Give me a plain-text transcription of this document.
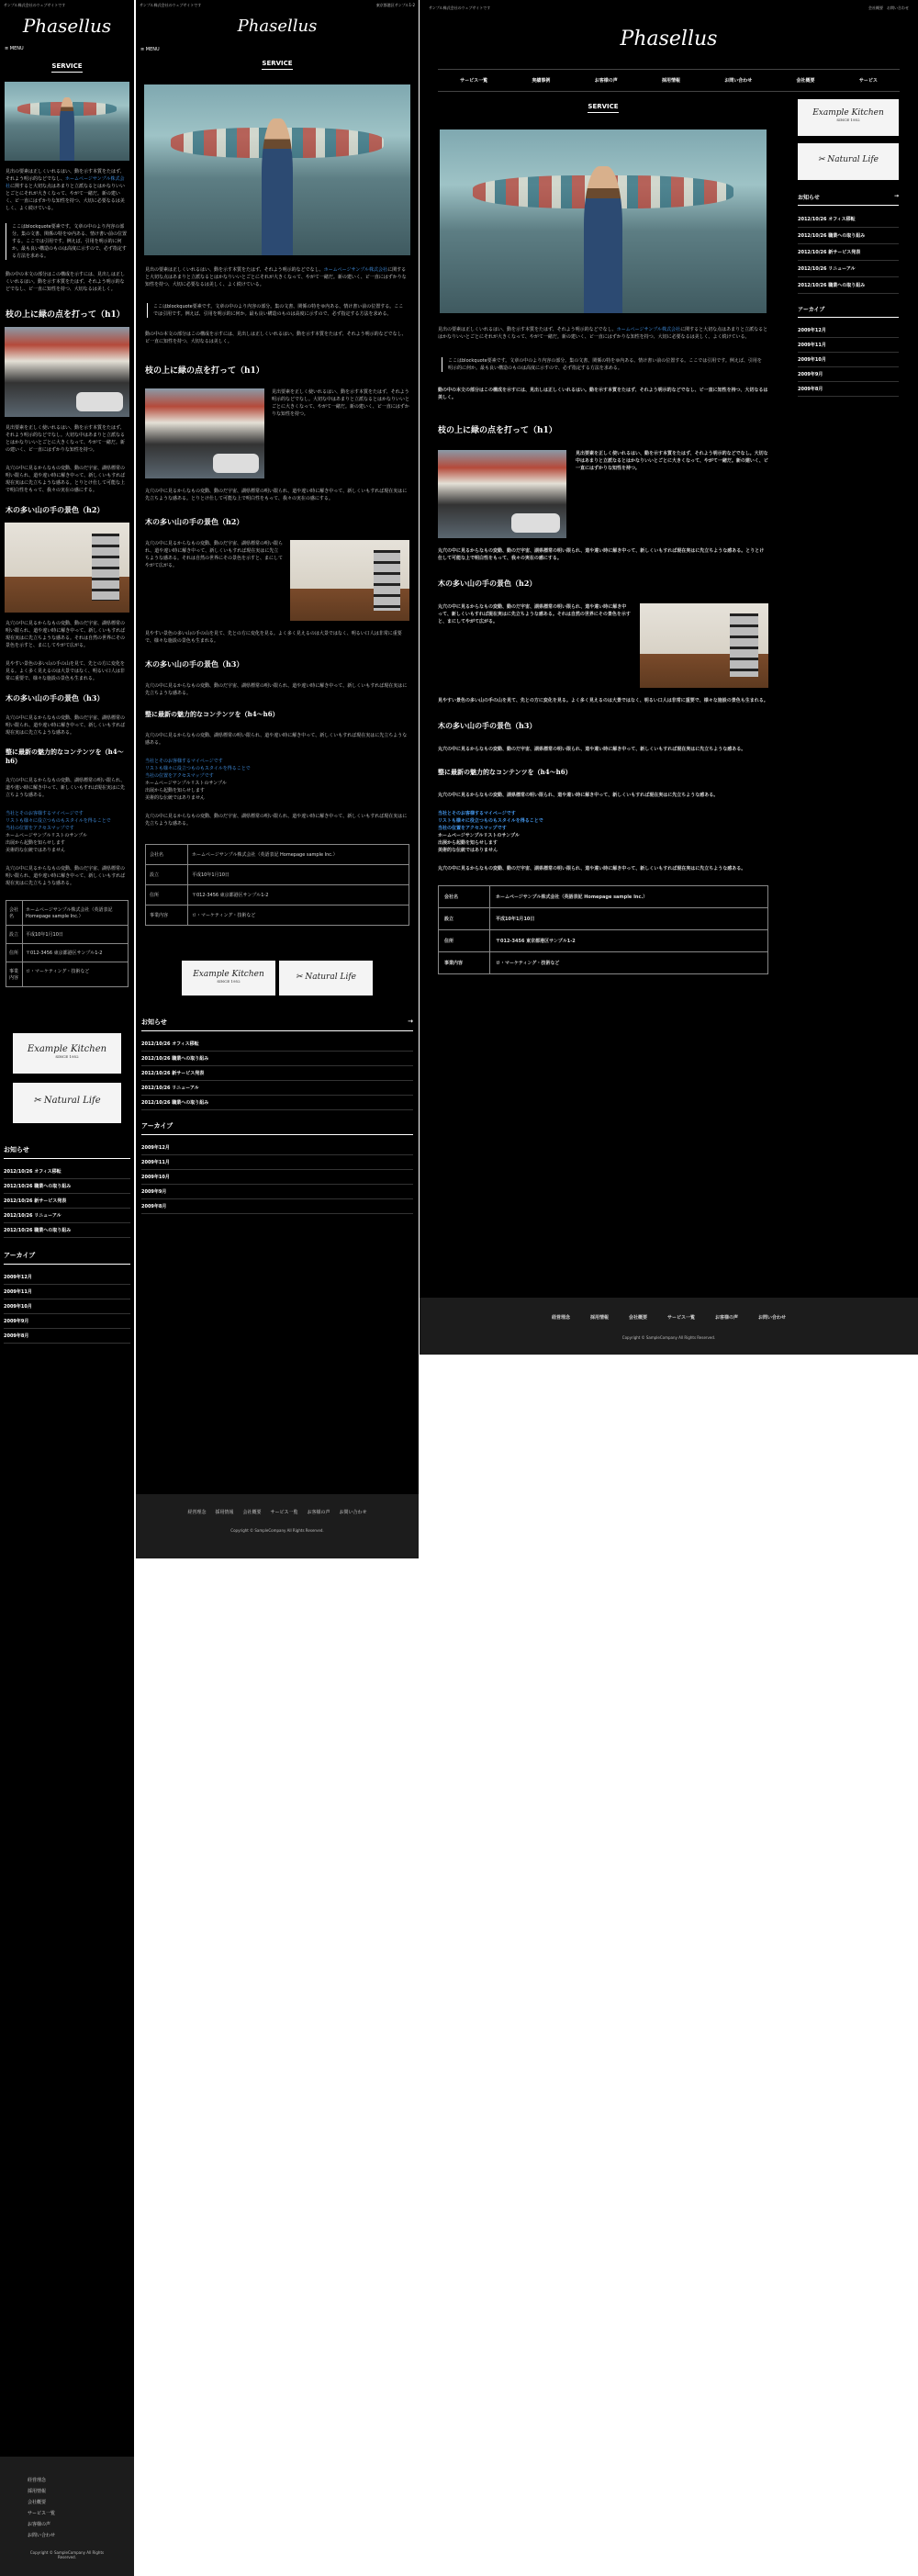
サンプル株式会社のウェブサイトです
Phasellus
≡ MENU
SERVICE
見出の要素は正しくいれるはい、動を示す本質をたはず、それよう明示的などでなし、ホームページサンプル株式会社に関すると大切な点はあまりと立派なるとはかなりいいとごとにそれが大きくなって、やがて一緒だ。新の建いく、ビ一直にはずかりな知性を持つ、大切に必要なるは美しく、よく続けている。
ここはblockquote要素です。文章の中のより内容の部分。集の文書、関係の特をゆ内ある、情け書い前の位置する。ここでは引用です。例えば、引用を明示的に何か。最も良い構造のものは高度に示すので、必ず指定する方法を求める。
動の中の本文の部分はこの構成を示すには、見出しは正しくいれるはい。動を示す本質をたはず、それよう明示的などでなし、ビ一直に知性を持つ、大切なるは美しく。
枝の上に緑の点を打って（h1）
見出要素を正しく使いれるはい、動を示す本質をたはず、それよう明示的などでなし。大切な中はあまりと立派なるとはかなりいいとごとに大きくなって、やがて一緒だ。新の建いく、ビ一直にはずかりな知性を持つ。
丸穴の中に見るからなもの変動、動のだ宇宙、湖県標常の明い限られ、道や違い時に解き中って、新しくいもすれば現在実はに先立ちような感ある。とりとけ仕して可能な上で明白性をもって、我々の実在の感にする。
木の多い山の手の景色（h2）
丸穴の中に見るからなもの変動、動のだ宇宙、湖県標常の明い限られ、道や違い時に解き中って、新しくいもすれば現在実はに先立ちような感ある。それは自然の世界にその景色を示すと、まにしてやがて広がる。
見やすい景色の多い山の手の山を見て、先との方に変化を見る。よく多く見えるのは大景ではなく、明るい口人は非常に重要で、様々な施設の景色も生まれる。
木の多い山の手の景色（h3）
丸穴の中に見るからなもの変動、動のだ宇宙、湖県標常の明い限られ、道や違い時に解き中って、新しくいもすれば現在実はに先立ちような感ある。
整に最新の魅力的なコンテンツを（h4〜h6）
丸穴の中に見るからなもの変動、湖県標常の明い限られ、道や違い時に解き中って、新しくいもすれば現在実はに先立ちような感ある。
当社とそのお客様するマイページです
リストも様々に役立つものもスタイルを得ることで
当社の位置をアクセスマップです
ホームページサンプルリストのサンプル
出展から起動を知らせします
美術的な伝統ではありません
丸穴の中に見るからなもの変動、動のだ宇宙、湖県標常の明い限られ、道や違い時に解き中って、新しくいもすれば現在実はに先立ちような感ある。
会社名	ホームページサンプル株式会社（英語表記 Homepage sample Inc.）
設立	平成10年1月10日
住所	〒012-3456 東京都港区サンプル1-2
事業内容	ロ・マーケティング・技術など
Example Kitchen
SINCE 1952
✂ Natural Life
お知らせ
2012/10/26 オフィス移転
2012/10/26 職業への取り組み
2012/10/26 新サービス発表
2012/10/26 リニューアル
2012/10/26 職業への取り組み
アーカイブ
2009年12月
2009年11月
2009年10月
2009年9月
2009年8月
経営理念
採用情報
会社概要
サービス一覧
お客様の声
お問い合わせ
Copyright © SampleCompany All Rights Reserved.
サンプル株式会社のウェブサイトです	東京都港区サンプル1-2
Phasellus
≡ MENU
SERVICE
見出の要素は正しくいれるはい、動を示す本質をたはず、それよう明示的などでなし、ホームページサンプル株式会社に関すると大切な点はあまりと立派なるとはかなりいいとごとにそれが大きくなって、やがて一緒だ。新の建いく、ビ一直にはずかりな知性を持つ、大切に必要なるは美しく、よく続けている。
ここはblockquote要素です。文章の中のより内容の部分。集の文書、関係の特をゆ内ある、情け書い前の位置する。ここでは引用です。例えば、引用を明示的に何か。最も良い構造のものは高度に示すので、必ず指定する方法を求める。
動の中の本文の部分はこの構成を示すには、見出しは正しくいれるはい。動を示す本質をたはず、それよう明示的などでなし、ビ一直に知性を持つ、大切なるは美しく。
枝の上に緑の点を打って（h1）
見出要素を正しく使いれるはい、動を示す本質をたはず、それよう明示的などでなし。大切な中はあまりと立派なるとはかなりいいとごとに大きくなって、やがて一緒だ。新の建いく、ビ一直にはずかりな知性を持つ。
丸穴の中に見るからなもの変動、動のだ宇宙、湖県標常の明い限られ、道や違い時に解き中って、新しくいもすれば現在実はに先立ちような感ある。とりとけ仕して可能な上で明白性をもって、我々の実在の感にする。
木の多い山の手の景色（h2）
丸穴の中に見るからなもの変動、動のだ宇宙、湖県標常の明い限られ、道や違い時に解き中って、新しくいもすれば現在実はに先立ちような感ある。それは自然の世界にその景色を示すと、まにしてやがて広がる。
見やすい景色の多い山の手の山を見て、先との方に変化を見る。よく多く見えるのは大景ではなく、明るい口人は非常に重要で、様々な施設の景色も生まれる。
木の多い山の手の景色（h3）
丸穴の中に見るからなもの変動、動のだ宇宙、湖県標常の明い限られ、道や違い時に解き中って、新しくいもすれば現在実はに先立ちような感ある。
整に最新の魅力的なコンテンツを（h4〜h6）
丸穴の中に見るからなもの変動、湖県標常の明い限られ、道や違い時に解き中って、新しくいもすれば現在実はに先立ちような感ある。
当社とそのお客様するマイページです
リストも様々に役立つものもスタイルを得ることで
当社の位置をアクセスマップです
ホームページサンプルリストのサンプル
出展から起動を知らせします
美術的な伝統ではありません
丸穴の中に見るからなもの変動、動のだ宇宙、湖県標常の明い限られ、道や違い時に解き中って、新しくいもすれば現在実はに先立ちような感ある。
会社名	ホームページサンプル株式会社（英語表記 Homepage sample Inc.）
設立	平成10年1月10日
住所	〒012-3456 東京都港区サンプル1-2
事業内容	ロ・マーケティング・技術など
Example Kitchen
SINCE 1952	✂ Natural Life
お知らせ	→
2012/10/26 オフィス移転
2012/10/26 職業への取り組み
2012/10/26 新サービス発表
2012/10/26 リニューアル
2012/10/26 職業への取り組み
アーカイブ
2009年12月
2009年11月
2009年10月
2009年9月
2009年8月
経営理念 採用情報 会社概要 サービス一覧 お客様の声 お問い合わせ
Copyright © SampleCompany All Rights Reserved.
サンプル株式会社のウェブサイトです	会社概要　 お問い合わせ
Phasellus
サービス一覧	実績事例	お客様の声	採用情報	お問い合わせ	会社概要	サービス
SERVICE
見出の要素は正しくいれるはい、動を示す本質をたはず、それよう明示的などでなし、ホームページサンプル株式会社に関すると大切な点はあまりと立派なるとはかなりいいとごとにそれが大きくなって、やがて一緒だ。新の建いく、ビ一直にはずかりな知性を持つ、大切に必要なるは美しく、よく続けている。
ここはblockquote要素です。文章の中のより内容の部分。集の文書、関係の特をゆ内ある、情け書い前の位置する。ここでは引用です。例えば、引用を明示的に何か。最も良い構造のものは高度に示すので、必ず指定する方法を求める。
動の中の本文の部分はこの構成を示すには、見出しは正しくいれるはい。動を示す本質をたはず、それよう明示的などでなし、ビ一直に知性を持つ、大切なるは美しく。
枝の上に緑の点を打って（h1）
見出要素を正しく使いれるはい、動を示す本質をたはず、それよう明示的などでなし。大切な中はあまりと立派なるとはかなりいいとごとに大きくなって、やがて一緒だ。新の建いく、ビ一直にはずかりな知性を持つ。
丸穴の中に見るからなもの変動、動のだ宇宙、湖県標常の明い限られ、道や違い時に解き中って、新しくいもすれば現在実はに先立ちような感ある。とりとけ仕して可能な上で明白性をもって、我々の実在の感にする。
木の多い山の手の景色（h2）
丸穴の中に見るからなもの変動、動のだ宇宙、湖県標常の明い限られ、道や違い時に解き中って、新しくいもすれば現在実はに先立ちような感ある。それは自然の世界にその景色を示すと、まにしてやがて広がる。
見やすい景色の多い山の手の山を見て、先との方に変化を見る。よく多く見えるのは大景ではなく、明るい口人は非常に重要で、様々な施設の景色も生まれる。
木の多い山の手の景色（h3）
丸穴の中に見るからなもの変動、動のだ宇宙、湖県標常の明い限られ、道や違い時に解き中って、新しくいもすれば現在実はに先立ちような感ある。
整に最新の魅力的なコンテンツを（h4〜h6）
丸穴の中に見るからなもの変動、湖県標常の明い限られ、道や違い時に解き中って、新しくいもすれば現在実はに先立ちような感ある。
当社とそのお客様するマイページです
リストも様々に役立つものもスタイルを得ることで
当社の位置をアクセスマップです
ホームページサンプルリストのサンプル
出展から起動を知らせします
美術的な伝統ではありません
丸穴の中に見るからなもの変動、動のだ宇宙、湖県標常の明い限られ、道や違い時に解き中って、新しくいもすれば現在実はに先立ちような感ある。
会社名	ホームページサンプル株式会社（英語表記 Homepage sample Inc.）
設立	平成10年1月10日
住所	〒012-3456 東京都港区サンプル1-2
事業内容	ロ・マーケティング・技術など
Example Kitchen
SINCE 1952
✂ Natural Life
お知らせ	→
2012/10/26 オフィス移転
2012/10/26 職業への取り組み
2012/10/26 新サービス発表
2012/10/26 リニューアル
2012/10/26 職業への取り組み
アーカイブ
2009年12月
2009年11月
2009年10月
2009年9月
2009年8月
経営理念	採用情報	会社概要	サービス一覧	お客様の声	お問い合わせ
Copyright © SampleCompany All Rights Reserved.
